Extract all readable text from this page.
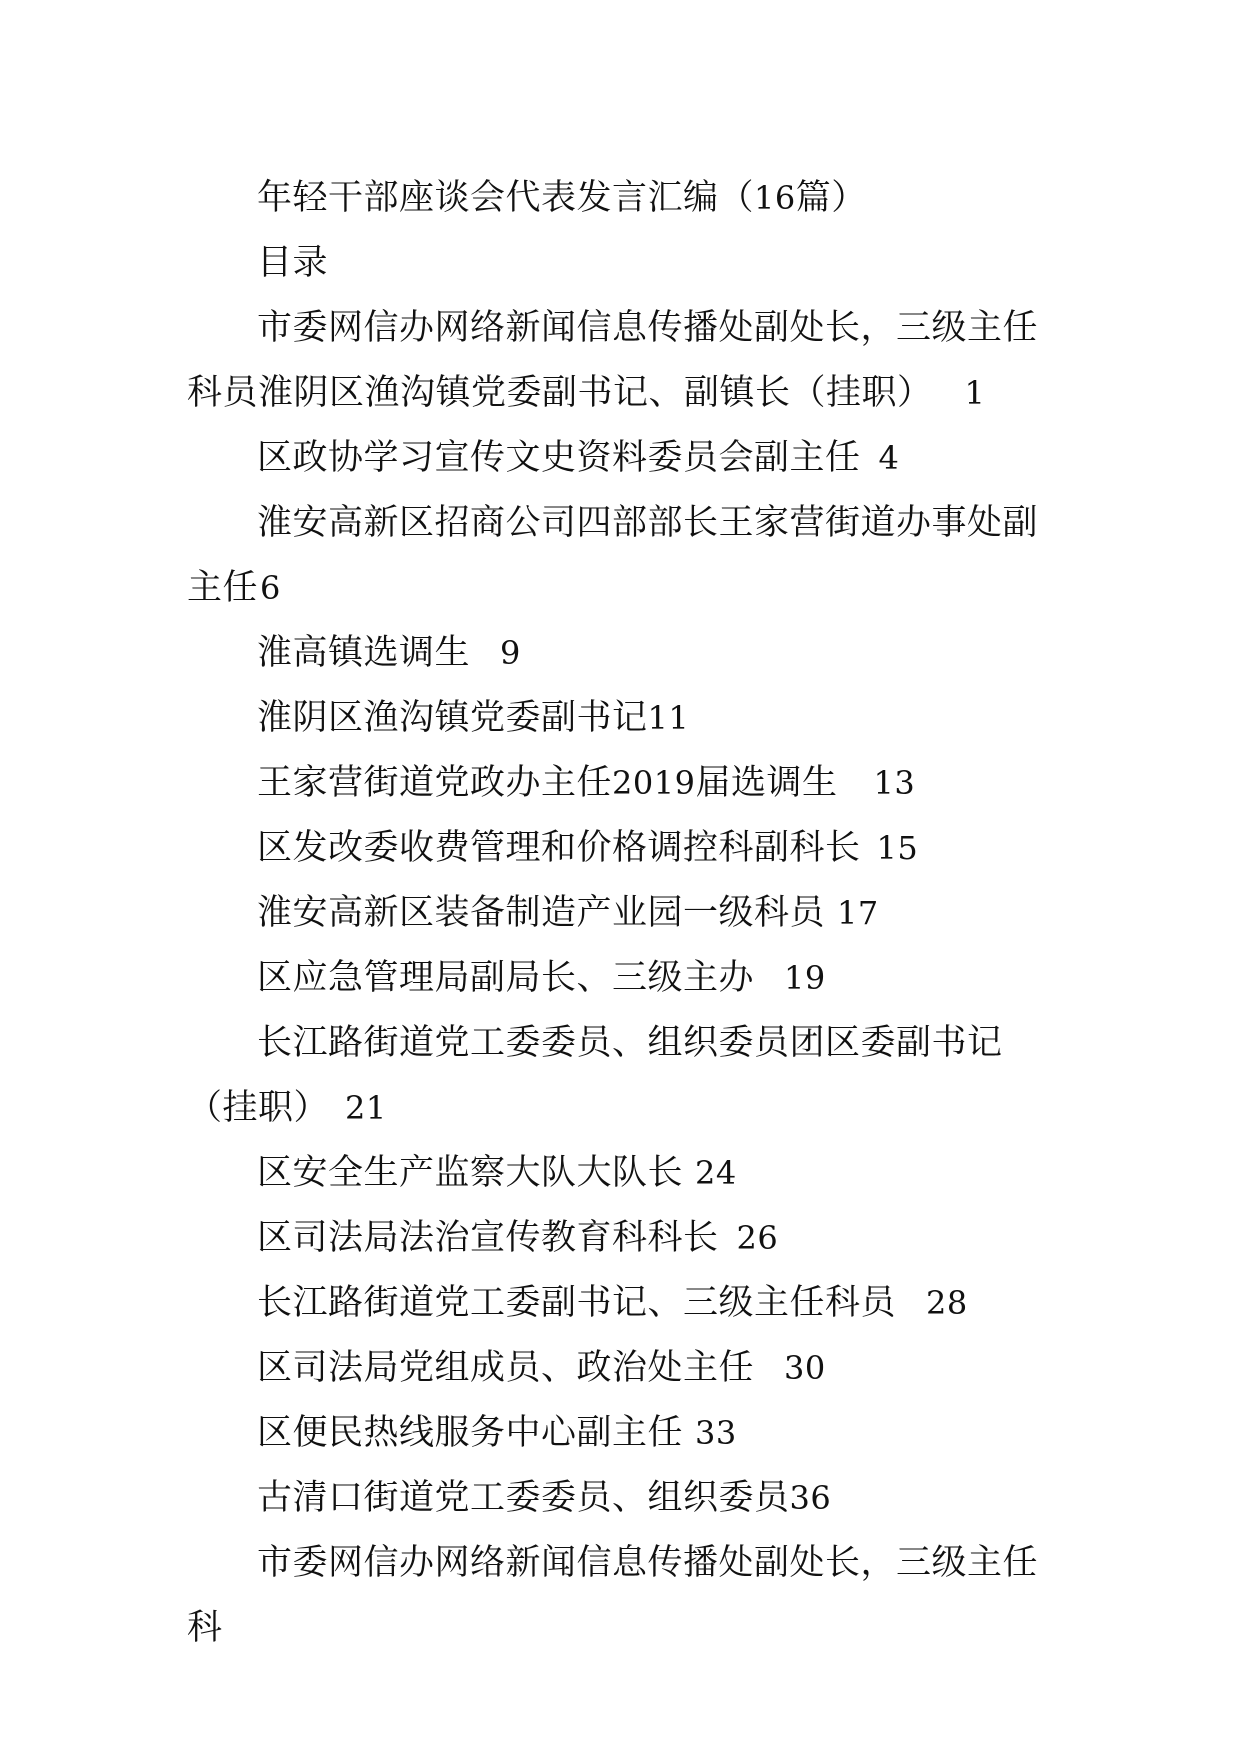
年轻干部座谈会代表发言汇编（16篇）

目录

市委网信办网络新闻信息传播处副处长，三级主任科员淮阴区渔沟镇党委副书记、副镇长（挂职） 1

区政协学习宣传文史资料委员会副主任 4

淮安高新区招商公司四部部长王家营街道办事处副主任6

淮高镇选调生 9

淮阴区渔沟镇党委副书记11

王家营街道党政办主任2019届选调生 13

区发改委收费管理和价格调控科副科长 15

淮安高新区装备制造产业园一级科员 17

区应急管理局副局长、三级主办 19

长江路街道党工委委员、组织委员团区委副书记（挂职） 21

区安全生产监察大队大队长 24

区司法局法治宣传教育科科长 26

长江路街道党工委副书记、三级主任科员 28

区司法局党组成员、政治处主任 30

区便民热线服务中心副主任 33

古清口街道党工委委员、组织委员36

市委网信办网络新闻信息传播处副处长，三级主任科
